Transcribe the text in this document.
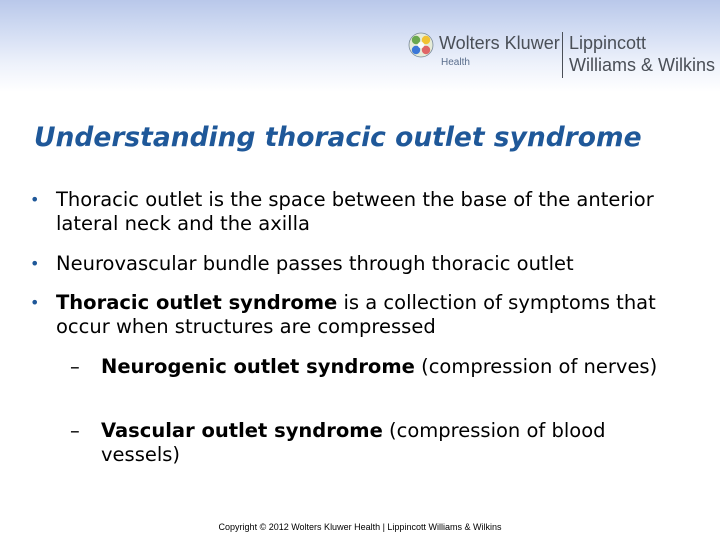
Wolters Kluwer
Health
Lippincott
Williams & Wilkins
Understanding thoracic outlet syndrome
• Thoracic outlet is the space between the base of the anterior lateral neck and the axilla
• Neurovascular bundle passes through thoracic outlet
• Thoracic outlet syndrome is a collection of symptoms that occur when structures are compressed
– Neurogenic outlet syndrome (compression of nerves)
– Vascular outlet syndrome (compression of blood vessels)
Copyright © 2012 Wolters Kluwer Health | Lippincott Williams & Wilkins
